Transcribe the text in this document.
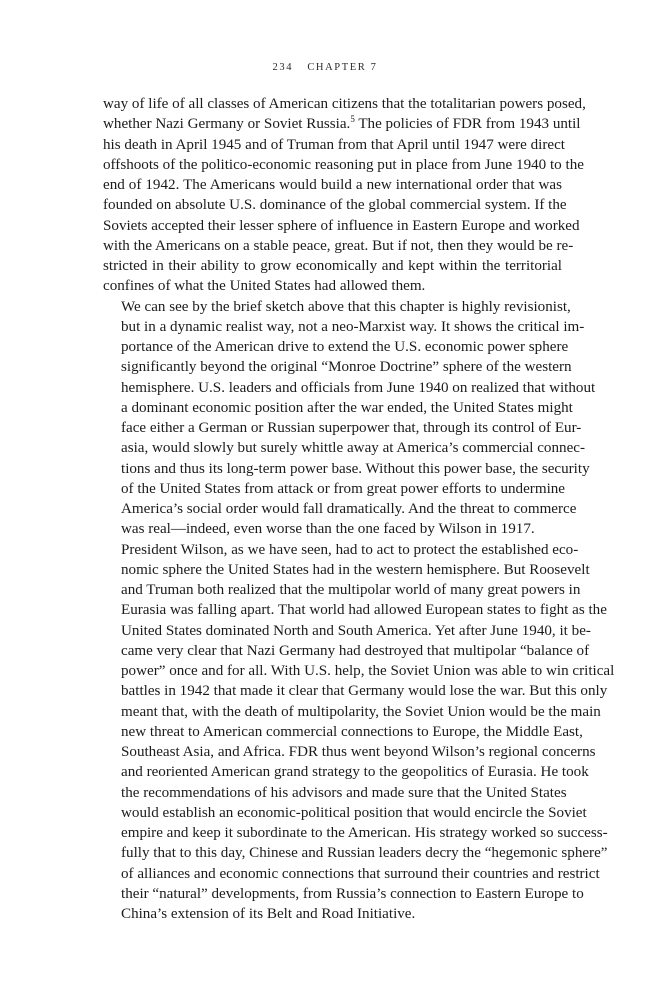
234 CHAPTER 7

way of life of all classes of American citizens that the totalitarian powers posed,
whether Nazi Germany or Soviet Russia.$^5$ The policies of FDR from 1943 until
his death in April 1945 and of Truman from that April until 1947 were direct
offshoots of the politico-economic reasoning put in place from June 1940 to the
end of 1942. The Americans would build a new international order that was
founded on absolute U.S. dominance of the global commercial system. If the
Soviets accepted their lesser sphere of influence in Eastern Europe and worked
with the Americans on a stable peace, great. But if not, then they would be re-
stricted in their ability to grow economically and kept within the territorial
confines of what the United States had allowed them.

We can see by the brief sketch above that this chapter is highly revisionist,
but in a dynamic realist way, not a neo-Marxist way. It shows the critical im-
portance of the American drive to extend the U.S. economic power sphere
significantly beyond the original “Monroe Doctrine” sphere of the western
hemisphere. U.S. leaders and officials from June 1940 on realized that without
a dominant economic position after the war ended, the United States might
face either a German or Russian superpower that, through its control of Eur-
asia, would slowly but surely whittle away at America’s commercial connec-
tions and thus its long-term power base. Without this power base, the security
of the United States from attack or from great power efforts to undermine
America’s social order would fall dramatically. And the threat to commerce
was real—indeed, even worse than the one faced by Wilson in 1917.

President Wilson, as we have seen, had to act to protect the established eco-
nomic sphere the United States had in the western hemisphere. But Roosevelt
and Truman both realized that the multipolar world of many great powers in
Eurasia was falling apart. That world had allowed European states to fight as the
United States dominated North and South America. Yet after June 1940, it be-
came very clear that Nazi Germany had destroyed that multipolar “balance of
power” once and for all. With U.S. help, the Soviet Union was able to win critical
battles in 1942 that made it clear that Germany would lose the war. But this only
meant that, with the death of multipolarity, the Soviet Union would be the main
new threat to American commercial connections to Europe, the Middle East,
Southeast Asia, and Africa. FDR thus went beyond Wilson’s regional concerns
and reoriented American grand strategy to the geopolitics of Eurasia. He took
the recommendations of his advisors and made sure that the United States
would establish an economic-political position that would encircle the Soviet
empire and keep it subordinate to the American. His strategy worked so success-
fully that to this day, Chinese and Russian leaders decry the “hegemonic sphere”
of alliances and economic connections that surround their countries and restrict
their “natural” developments, from Russia’s connection to Eastern Europe to
China’s extension of its Belt and Road Initiative.
